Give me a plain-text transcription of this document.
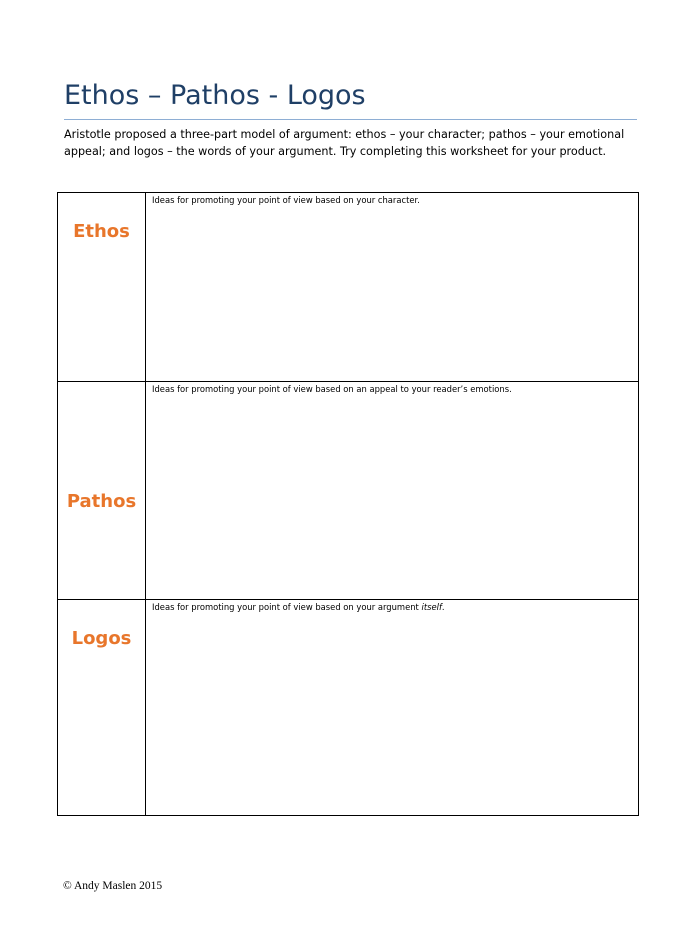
Ethos – Pathos - Logos
Aristotle proposed a three-part model of argument: ethos – your character; pathos – your emotional appeal; and logos – the words of your argument. Try completing this worksheet for your product.
Ethos	Ideas for promoting your point of view based on your character.

Pathos	Ideas for promoting your point of view based on an appeal to your reader’s emotions.

Logos	Ideas for promoting your point of view based on your argument itself.
© Andy Maslen 2015
